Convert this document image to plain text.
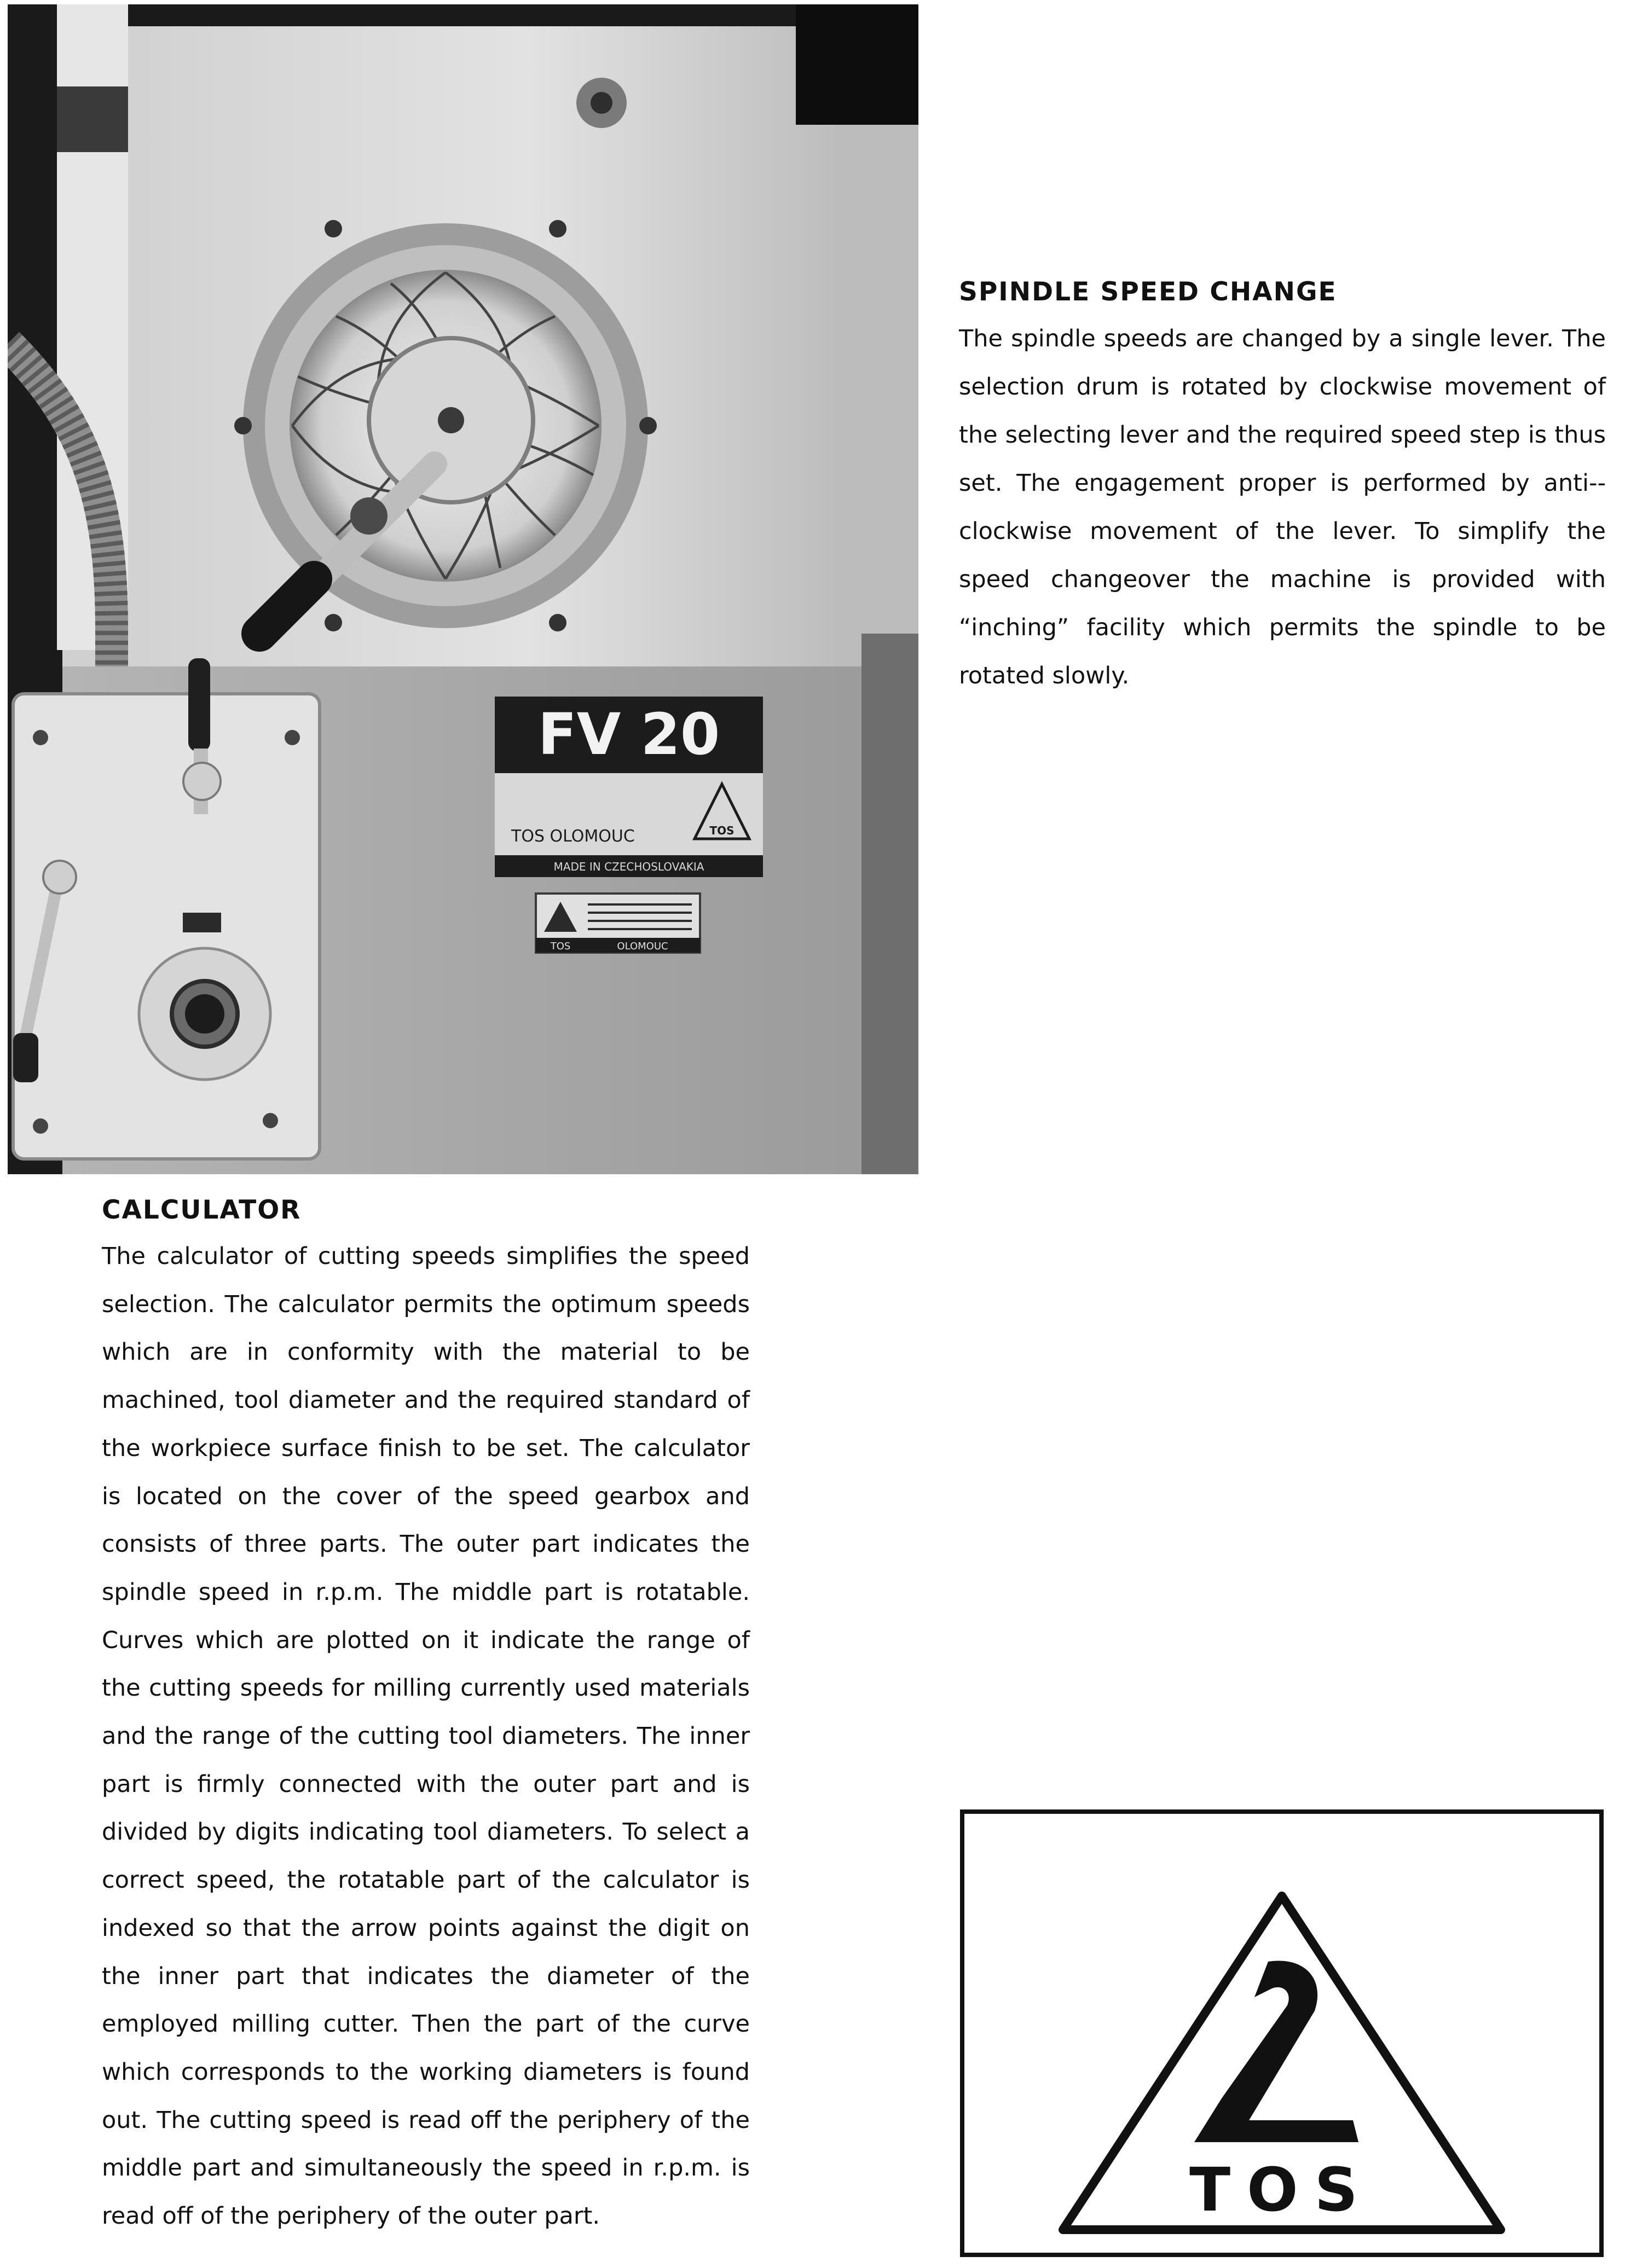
FV 20
TOS OLOMOUC	TOS
MADE IN CZECHOSLOVAKIA
TOS	OLOMOUC
SPINDLE SPEED CHANGE

The spindle speeds are changed by a single lever. The selection drum is rotated by clockwise movement of the selecting lever and the required speed step is thus set. The engagement proper is performed by anti--clockwise movement of the lever. To simplify the speed changeover the machine is provided with “inching” facility which permits the spindle to be rotated slowly.

CALCULATOR

The calculator of cutting speeds simplifies the speed selection. The calculator permits the optimum speeds which are in conformity with the material to be machined, tool diameter and the required standard of the workpiece surface finish to be set. The calculator is located on the cover of the speed gearbox and consists of three parts. The outer part indicates the spindle speed in r.p.m. The middle part is rotatable. Curves which are plotted on it indicate the range of the cutting speeds for milling currently used materials and the range of the cutting tool diameters. The inner part is firmly connected with the outer part and is divided by digits indicating tool diameters. To select a correct speed, the rotatable part of the calculator is indexed so that the arrow points against the digit on the inner part that indicates the diameter of the employed milling cutter. Then the part of the curve which corresponds to the working diameters is found out. The cutting speed is read off the periphery of the middle part and simultaneously the speed in r.p.m. is read off of the periphery of the outer part.	TOS
